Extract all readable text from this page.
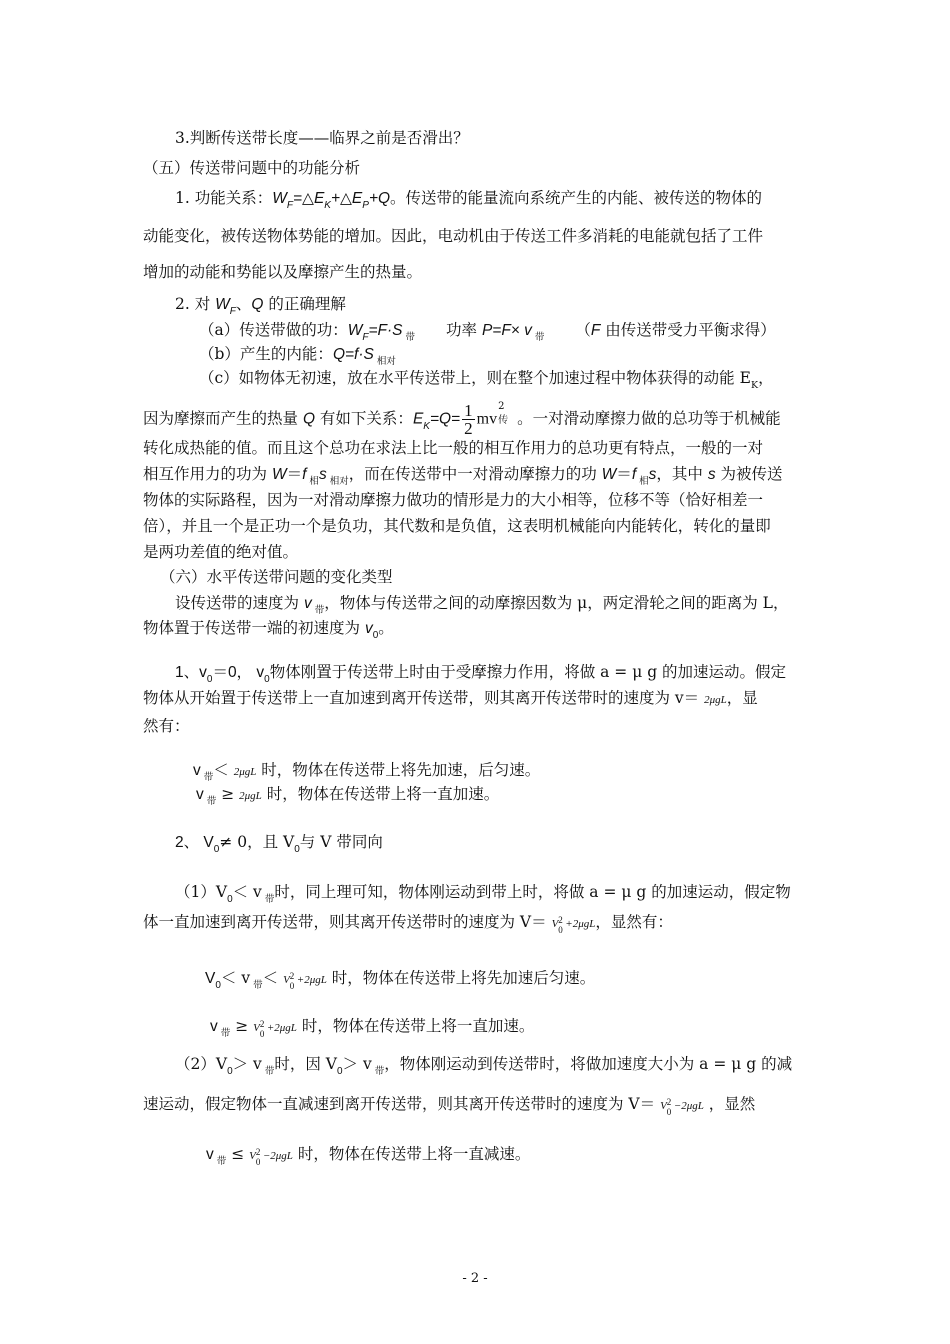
3.判断传送带长度——临界之前是否滑出？
（五）传送带问题中的功能分析
1. 功能关系：$W_F=\triangle E_K+\triangle E_P+Q$。传送带的能量流向系统产生的内能、被传送的物体的
动能变化，被传送物体势能的增加。因此，电动机由于传送工件多消耗的电能就包括了工件
增加的动能和势能以及摩擦产生的热量。
2. 对 $W_F$、Q 的正确理解
（a）传送带做的功：$W_F=F\cdot S$ $_带$ 功率 P=F× v $_带$ （F 由传送带受力平衡求得）
（b）产生的内能：Q=f·S $_{相对}$
（c）如物体无初速，放在水平传送带上，则在整个加速过程中物体获得的动能 $E_K$，
因为摩擦而产生的热量 Q 有如下关系：$E_K=Q= \frac{1}{2}$ mv
2
传 。一对滑动摩擦力做的总功等于机械能
转化成热能的值。而且这个总功在求法上比一般的相互作用力的总功更有特点，一般的一对
相互作用力的功为 W＝f $_相$s $_{相对}$，而在传送带中一对滑动摩擦力的功 W＝f $_相$s，其中 s 为被传送
物体的实际路程，因为一对滑动摩擦力做功的情形是力的大小相等，位移不等（恰好相差一
倍），并且一个是正功一个是负功，其代数和是负值，这表明机械能向内能转化，转化的量即
是两功差值的绝对值。
（六）水平传送带问题的变化类型
设传送带的速度为 v $_带$，物体与传送带之间的动摩擦因数为 μ，两定滑轮之间的距离为 L，
物体置于传送带一端的初速度为 $v_0$。
1、$v_0=0$， $v_0$物体刚置于传送带上时由于受摩擦力作用，将做 a = μ g 的加速运动。假定
物体从开始置于传送带上一直加速到离开传送带，则其离开传送带时的速度为 v＝ 2μgL，显
然有：
v $_带$＜ 2μgL 时，物体在传送带上将先加速，后匀速。
v $_带$ ≥ 2μgL 时，物体在传送带上将一直加速。
2、 $V_0\ne 0$，且 $V_0$与 V 带同向
$(1)V_0< v$ $_带$时，同上理可知，物体刚运动到带上时，将做 a = μ g 的加速运动，假定物
体一直加速到离开传送带，则其离开传送带时的速度为 V＝ V 2
0 +2μgL，显然有：
$V_0< v$ $_带$＜ V 2
0 +2μgL 时，物体在传送带上将先加速后匀速。
v $_带$ ≥ V 2
0 +2μgL 时，物体在传送带上将一直加速。
$(2)V_0> v$ $_带$时，因 $V_0> v$ $_带$，物体刚运动到传送带时，将做加速度大小为 a = μ g 的减
速运动，假定物体一直减速到离开传送带，则其离开传送带时的速度为 V＝ V 2
0 −2μgL ，显然
v $_带$ ≤ V 2
0 −2μgL 时，物体在传送带上将一直减速。
- 2 -
